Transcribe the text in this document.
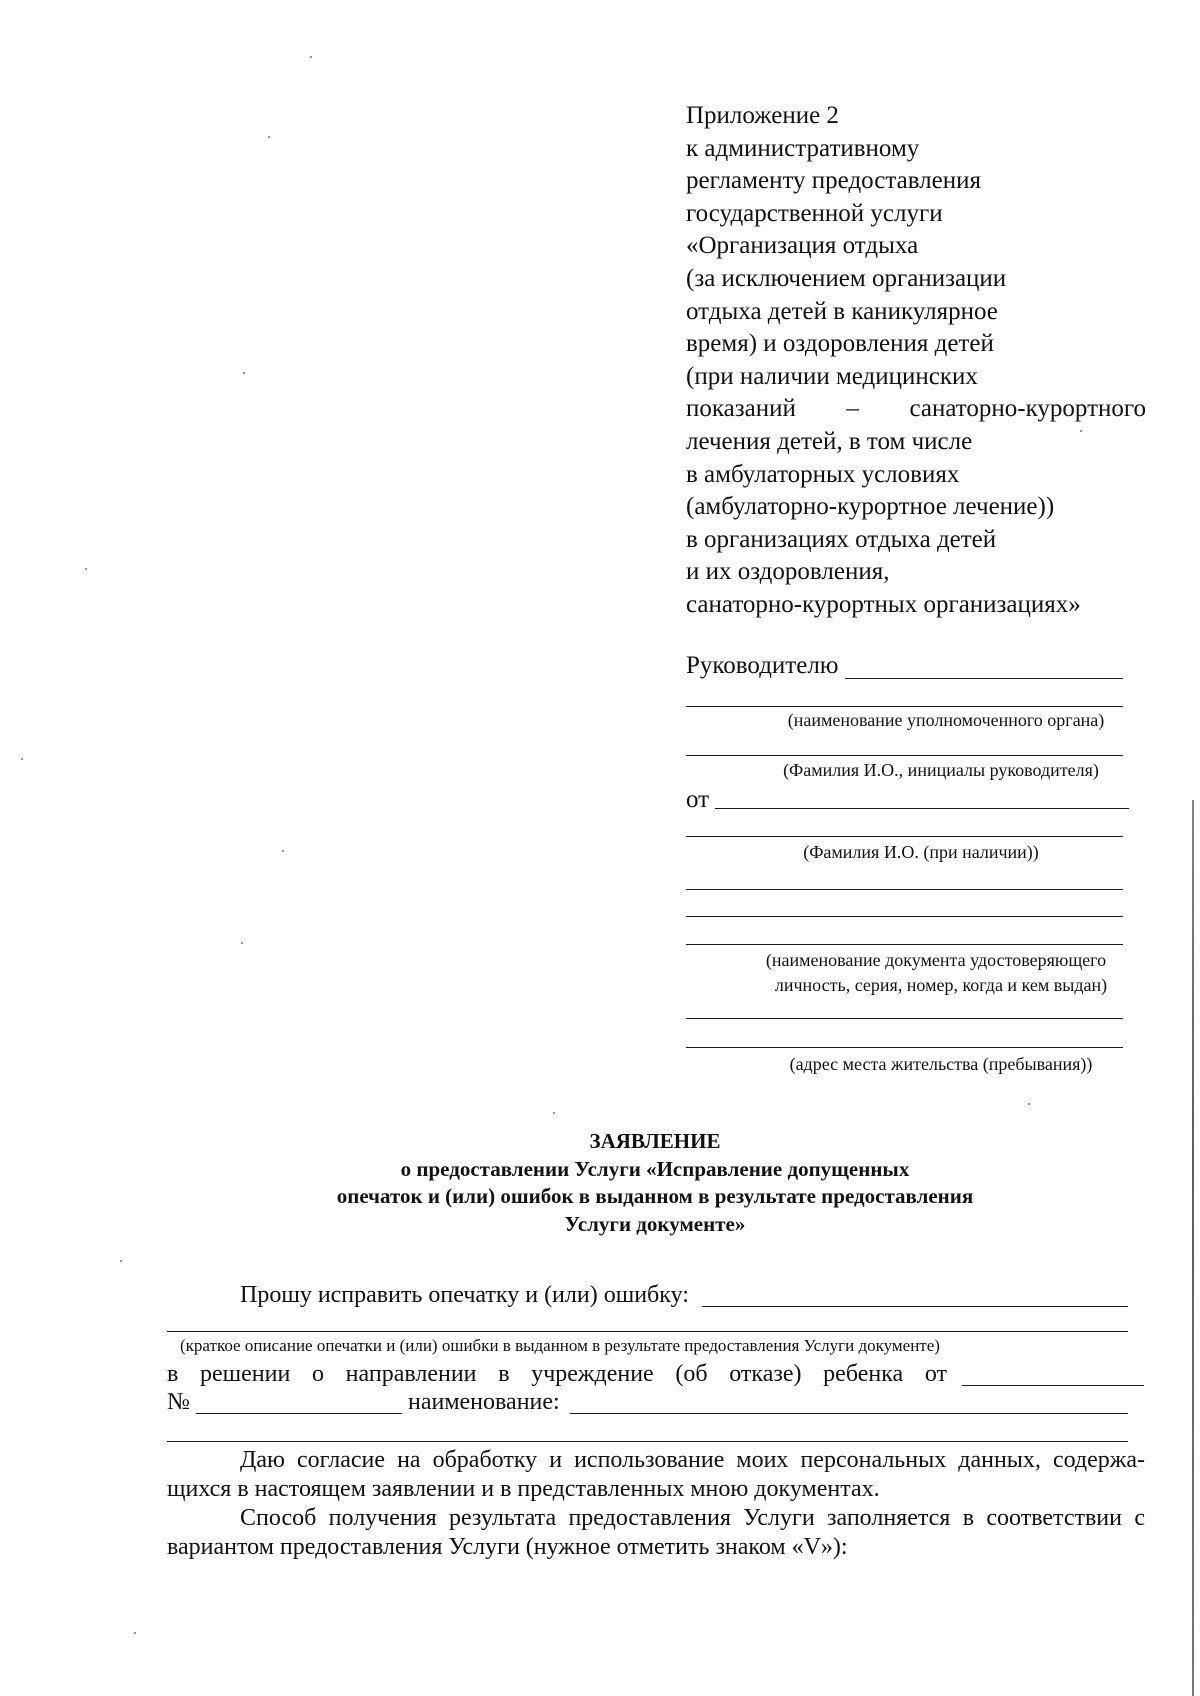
Приложение 2
к административному
регламенту предоставления
государственной услуги
«Организация отдыха
(за исключением организации
отдыха детей в каникулярное
время) и оздоровления детей
(при наличии медицинских
показаний – санаторно-курортного
лечения детей, в том числе
в амбулаторных условиях
(амбулаторно-курортное лечение))
в организациях отдыха детей
и их оздоровления,
санаторно-курортных организациях»
Руководителю
(наименование уполномоченного органа)
(Фамилия И.О., инициалы руководителя)
от
(Фамилия И.О. (при наличии))
(наименование документа удостоверяющего
личность, серия, номер, когда и кем выдан)
(адрес места жительства (пребывания))
ЗАЯВЛЕНИЕ
о предоставлении Услуги «Исправление допущенных
опечаток и (или) ошибок в выданном в результате предоставления
Услуги документе»
Прошу исправить опечатку и (или) ошибку:
(краткое описание опечатки и (или) ошибки в выданном в результате предоставления Услуги документе)
в решении о направлении в учреждение (об отказе) ребенка от
№	наименование:
Даю согласие на обработку и использование моих персональных данных, содержа-
щихся в настоящем заявлении и в представленных мною документах.
Способ получения результата предоставления Услуги заполняется в соответствии с
вариантом предоставления Услуги (нужное отметить знаком «V»):
